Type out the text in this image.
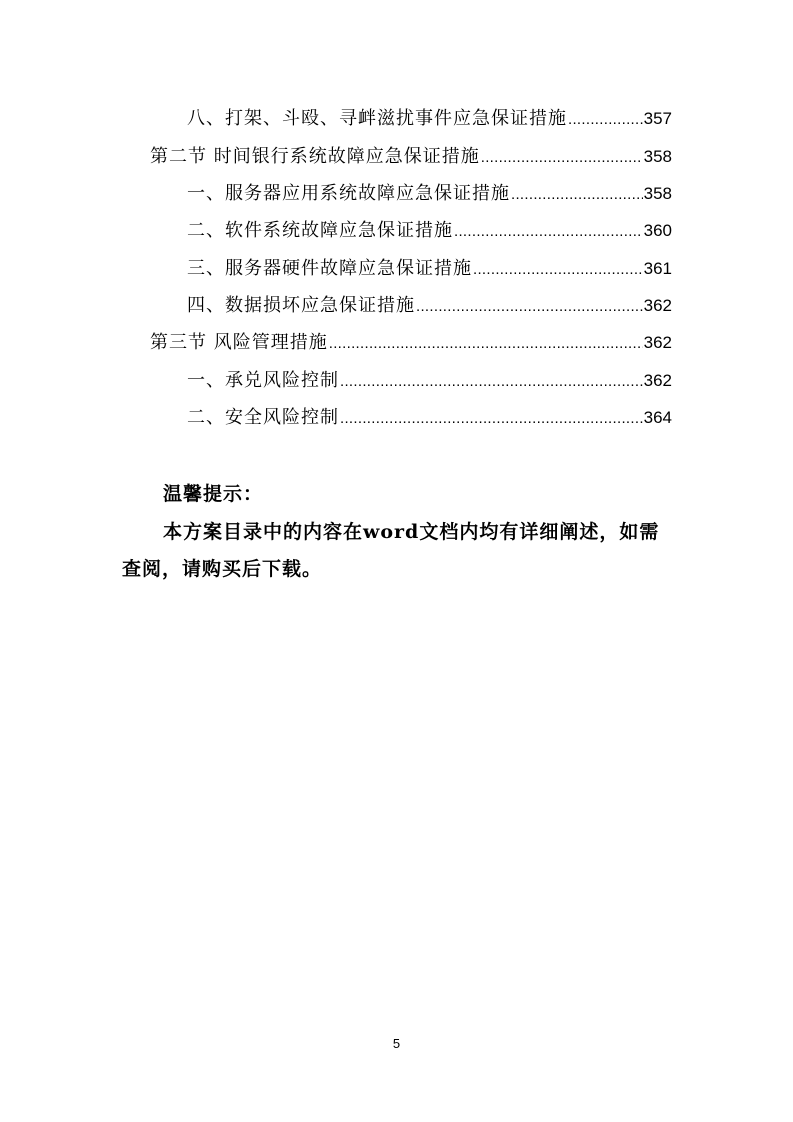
八、打架、斗殴、寻衅滋扰事件应急保证措施 .....	357
第二节 时间银行系统故障应急保证措施 .....	358
一、服务器应用系统故障应急保证措施 .....	358
二、软件系统故障应急保证措施 .....	360
三、服务器硬件故障应急保证措施 .....	361
四、数据损坏应急保证措施 .....	362
第三节 风险管理措施 .....	362
一、承兑风险控制 .....	362
二、安全风险控制 .....	364
温馨提示：
本方案目录中的内容在word文档内均有详细阐述，如需查阅，请购买后下载。
5
